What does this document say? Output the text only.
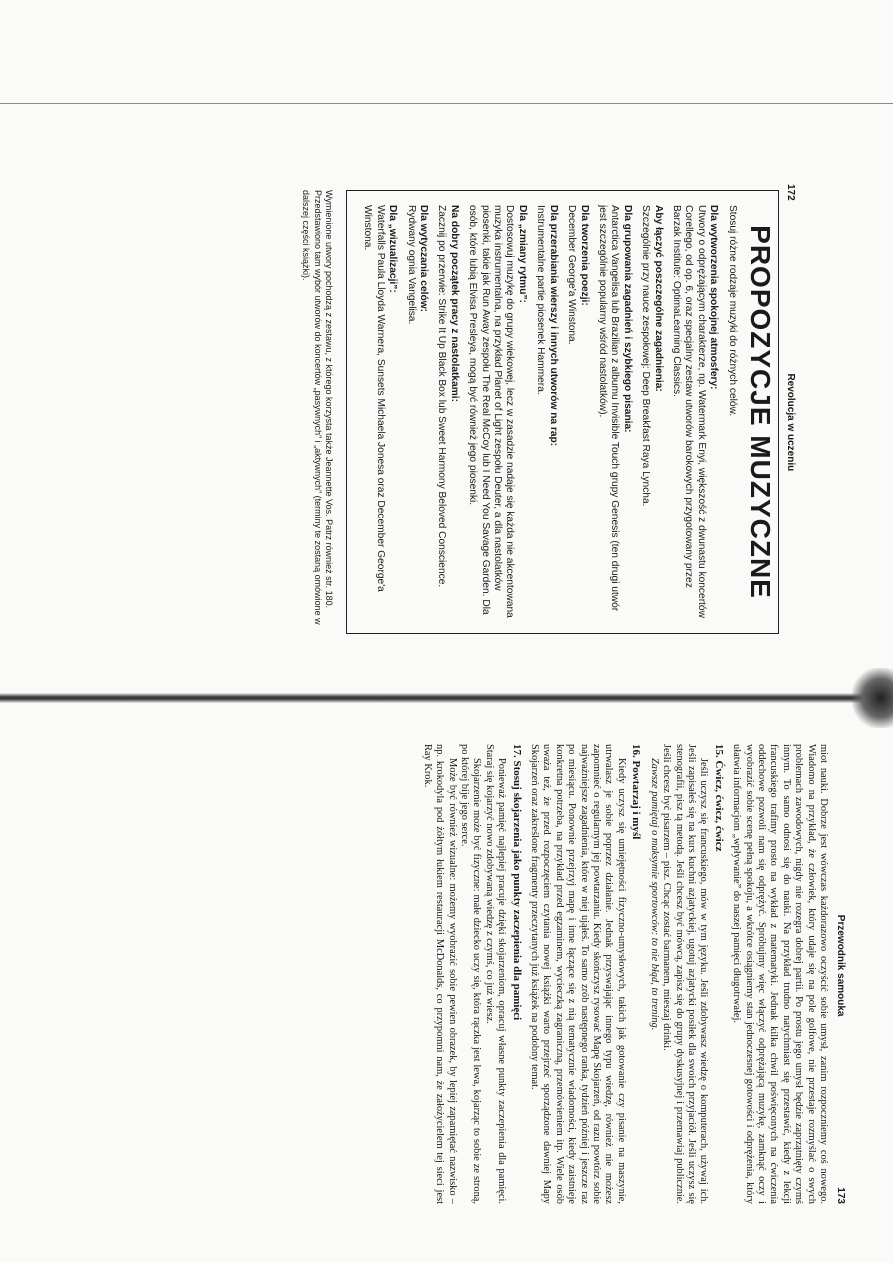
172
Revolucja w uczeniu
PROPOZYCJE MUZYCZNE

Stosuj różne rodzaje muzyki do różnych celów.

Dla wytworzenia spokojnej atmosfery:
Utwory o odprężającym charakterze, np. Watermark Enyi, większość z dwunastu koncertów Corellego, od op. 6, oraz specjalny zestaw utworów barokowych przygotowany przez Barzak Institute: OptimaLearning Classics.

Aby łączyć poszczególne zagadnienia:
Szczególnie przy nauce zespołowej: Deep Breakfast Raya Lyncha.

Dla grupowania zagadnień i szybkiego pisania:
Antarctica Vangelisa lub Brazilian z albumu Invisible Touch grupy Genesis (ten drugi utwór jest szczególnie popularny wśród nastolatków).

Dla tworzenia poezji:
December George'a Winstona.

Dla przerabiania wierszy i innych utworów na rap:
Instrumentalne partie piosenek Hammera.

Dla „zmiany rytmu”:
Dostosowuj muzykę do grupy wiekowej, lecz w zasadzie nadaje się każda nie akcentowana muzyka instrumentalna, na przykład Planet of Light zespołu Deuter, a dla nastolatków piosenki, takie jak Run Away zespołu The Real McCoy lub I Need You Savage Garden. Dla osób, które lubią Elvisa Presleya, mogą być również jego piosenki.

Na dobry początek pracy z nastolatkami:
Zacznij po przerwie: Strike It Up Black Box lub Sweet Harmony Beloved Conscience.

Dla wytyczania celów:
Rydwany ognia Vangelisa.

Dla „wizualizacji”:
Waterfalls Paula Lloyda Warnera, Sunsets Michaela Jonesa oraz December George'a Winstona.

Wymienione utwory pochodzą z zestawu, z którego korzysta także Jeannette Vos. Patrz również str. 180. Przedstawiono tam wybór utworów do koncertów „pasywnych” i „aktywnych” (terminy te zostaną omówione w dalszej części książki).
Przewodnik samouka
173

miot nauki. Dobrze jest wówczas każdorazowo oczyścić sobie umysł, zanim rozpoczniemy coś nowego. Wiadomo na przykład, że człowiek, który udaje się na pole golfowe, nie przestaje rozmyślać o swych problemach zawodowych, nigdy nie rozegra dobrej partii. Po prostu jego umysł będzie zaprzątnięty czymś innym. To samo odnosi się do nauki. Na przykład trudno natychmiast się przestawić, kiedy z lekcji francuskiego trafimy prosto na wykład z matematyki. Jednak kilka chwil poświęconych na ćwiczenia oddechowe pozwoli nam się odprężyć. Spróbujmy więc włączyć odprężającą muzykę, zamknąć oczy i wyobrazić sobie scenę pełną spokoju, a wkrótce osiągniemy stan jednoczesnej gotowości i odprężenia, który ułatwia informacjom „wpływanie” do naszej pamięci długotrwałej.

15. Ćwicz, ćwicz, ćwicz

Jeśli uczysz się francuskiego, mów w tym języku. Jeśli zdobywasz wiedzę o komputerach, używaj ich. Jeśli zapisałeś się na kurs kuchni azjatyckiej, ugotuj azjatycki posiłek dla swoich przyjaciół. Jeśli uczysz się stenografii, pisz tą metodą. Jeśli chcesz być mówcą, zapisz się do grupy dyskusyjnej i przemawiaj publicznie. Jeśli chcesz być pisarzem – pisz. Chcąc zostać barmanem, mieszaj drinki.

Zawsze pamiętaj o maksymie sportowców: to nie błąd, to trening.

16. Powtarzaj i myśl

Kiedy uczysz się umiejętności fizyczno-umysłowych, takich jak gotowanie czy pisanie na maszynie, utrwalasz je sobie poprzez działanie. Jednak przyswajając innego typu wiedzę, również nie możesz zapomnieć o regularnym jej powtarzaniu. Kiedy skończysz rysować Mapę Skojarzeń, od razu powtórz sobie najważniejsze zagadnienia, które w niej ująłeś. To samo zrób następnego ranka, tydzień później i jeszcze raz po miesiącu. Ponownie przejrzyj mapę i inne łączące się z nią tematycznie wiadomości, kiedy zaistnieje konkretna potrzeba, na przykład przed egzaminem, wycieczką zagraniczną, przemówieniem itp. Wiele osób uważa też, że przed rozpoczęciem czytania nowej książki warto przejrzeć sporządzone dawniej Mapy Skojarzeń oraz zakreślone fragmenty przeczytanych już książek na podobny temat.

17. Stosuj skojarzenia jako punkty zaczepienia dla pamięci

Ponieważ pamięć najlepiej pracuje dzięki skojarzeniom, opracuj własne punkty zaczepienia dla pamięci. Staraj się kojarzyć nowo zdobywaną wiedzę z czymś, co już wiesz.

Skojarzenie może być fizyczne: małe dziecko uczy się, która rączka jest lewa, kojarząc to sobie ze stroną, po której bije jego serce.

Może być również wizualne: możemy wyobrazić sobie pewien obrazek, by lepiej zapamiętać nazwisko – np. krokodyla pod żółtym łukiem restauracji McDonalds, co przypomni nam, że założycielem tej sieci jest Ray Krok.
